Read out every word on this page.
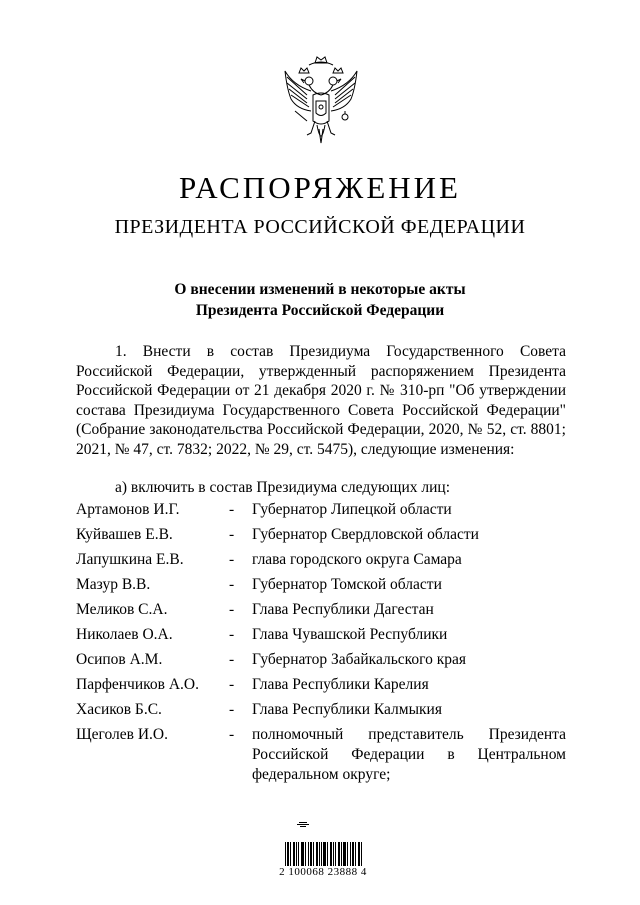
РАСПОРЯЖЕНИЕ
ПРЕЗИДЕНТА РОССИЙСКОЙ ФЕДЕРАЦИИ
О внесении изменений в некоторые акты
Президента Российской Федерации

1. Внести в состав Президиума Государственного Совета Российской Федерации, утвержденный распоряжением Президента Российской Федерации от 21 декабря 2020 г. № 310-рп "Об утверждении состава Президиума Государственного Совета Российской Федерации" (Собрание законодательства Российской Федерации, 2020, № 52, ст. 8801; 2021, № 47, ст. 7832; 2022, № 29, ст. 5475), следующие изменения:

а) включить в состав Президиума следующих лиц:

Артамонов И.Г.	-	Губернатор Липецкой области
Куйвашев Е.В.	-	Губернатор Свердловской области
Лапушкина Е.В.	-	глава городского округа Самара
Мазур В.В.	-	Губернатор Томской области
Меликов С.А.	-	Глава Республики Дагестан
Николаев О.А.	-	Глава Чувашской Республики
Осипов А.М.	-	Губернатор Забайкальского края
Парфенчиков А.О.	-	Глава Республики Карелия
Хасиков Б.С.	-	Глава Республики Калмыкия
Щеголев И.О.	-	полномочный представитель Президента Российской Федерации в Центральном федеральном округе;
2 100068 23888 4
